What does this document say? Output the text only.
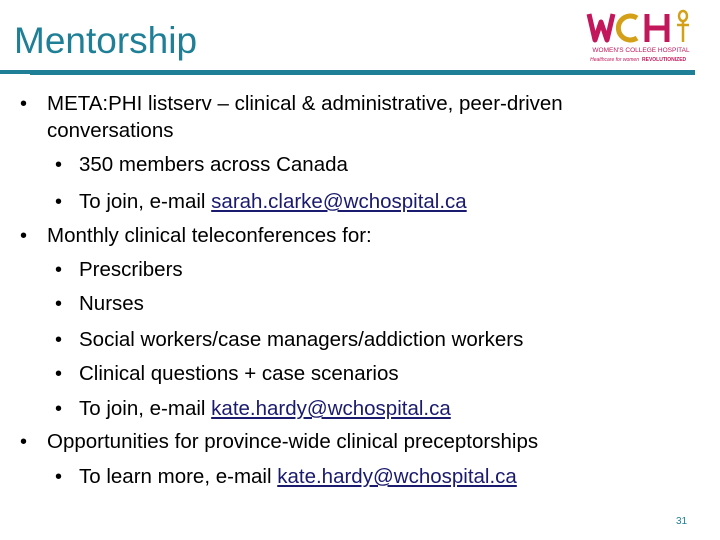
Mentorship	WOMEN'S COLLEGE HOSPITAL
Healthcare for women REVOLUTIONIZED
• META:PHI listserv – clinical & administrative, peer-driven
conversations
• 350 members across Canada
• To join, e-mail sarah.clarke@wchospital.ca
• Monthly clinical teleconferences for:
• Prescribers
• Nurses
• Social workers/case managers/addiction workers
• Clinical questions + case scenarios
• To join, e-mail kate.hardy@wchospital.ca
• Opportunities for province-wide clinical preceptorships
• To learn more, e-mail kate.hardy@wchospital.ca
31
